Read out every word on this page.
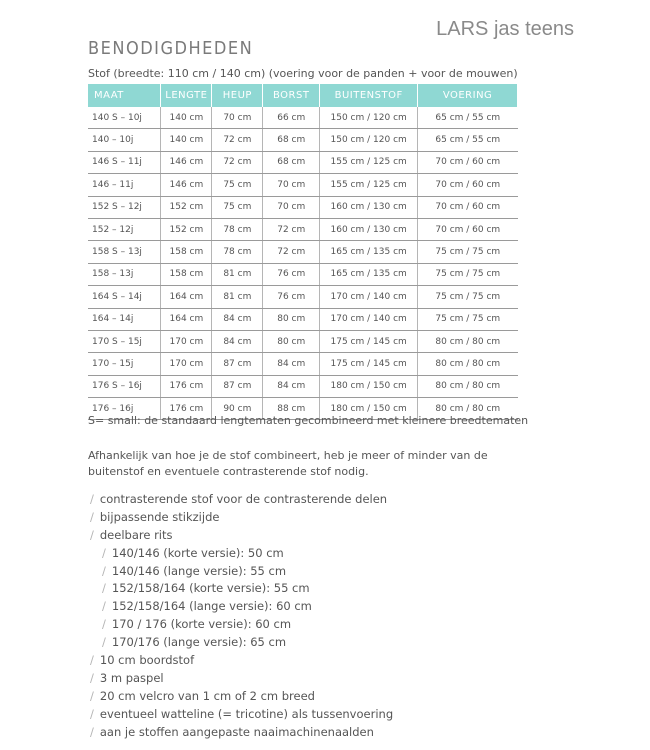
LARS jas teens
BENODIGDHEDEN
Stof (breedte: 110 cm / 140 cm) (voering voor de panden + voor de mouwen)
MAAT	LENGTE	HEUP	BORST	BUITENSTOF	VOERING
140 S – 10j	140 cm	70 cm	66 cm	150 cm / 120 cm	65 cm / 55 cm
140 – 10j	140 cm	72 cm	68 cm	150 cm / 120 cm	65 cm / 55 cm
146 S – 11j	146 cm	72 cm	68 cm	155 cm / 125 cm	70 cm / 60 cm
146 – 11j	146 cm	75 cm	70 cm	155 cm / 125 cm	70 cm / 60 cm
152 S – 12j	152 cm	75 cm	70 cm	160 cm / 130 cm	70 cm / 60 cm
152 – 12j	152 cm	78 cm	72 cm	160 cm / 130 cm	70 cm / 60 cm
158 S – 13j	158 cm	78 cm	72 cm	165 cm / 135 cm	75 cm / 75 cm
158 – 13j	158 cm	81 cm	76 cm	165 cm / 135 cm	75 cm / 75 cm
164 S – 14j	164 cm	81 cm	76 cm	170 cm / 140 cm	75 cm / 75 cm
164 – 14j	164 cm	84 cm	80 cm	170 cm / 140 cm	75 cm / 75 cm
170 S – 15j	170 cm	84 cm	80 cm	175 cm / 145 cm	80 cm / 80 cm
170 – 15j	170 cm	87 cm	84 cm	175 cm / 145 cm	80 cm / 80 cm
176 S – 16j	176 cm	87 cm	84 cm	180 cm / 150 cm	80 cm / 80 cm
176 – 16j	176 cm	90 cm	88 cm	180 cm / 150 cm	80 cm / 80 cm
S= small: de standaard lengtematen gecombineerd met kleinere breedtematen
Afhankelijk van hoe je de stof combineert, heb je meer of minder van de buitenstof en eventuele contrasterende stof nodig.
/ contrasterende stof voor de contrasterende delen
/ bijpassende stikzijde
/ deelbare rits
/ 140/146 (korte versie): 50 cm
/ 140/146 (lange versie): 55 cm
/ 152/158/164 (korte versie): 55 cm
/ 152/158/164 (lange versie): 60 cm
/ 170 / 176 (korte versie): 60 cm
/ 170/176 (lange versie): 65 cm
/ 10 cm boordstof
/ 3 m paspel
/ 20 cm velcro van 1 cm of 2 cm breed
/ eventueel watteline (= tricotine) als tussenvoering
/ aan je stoffen aangepaste naaimachinenaalden
